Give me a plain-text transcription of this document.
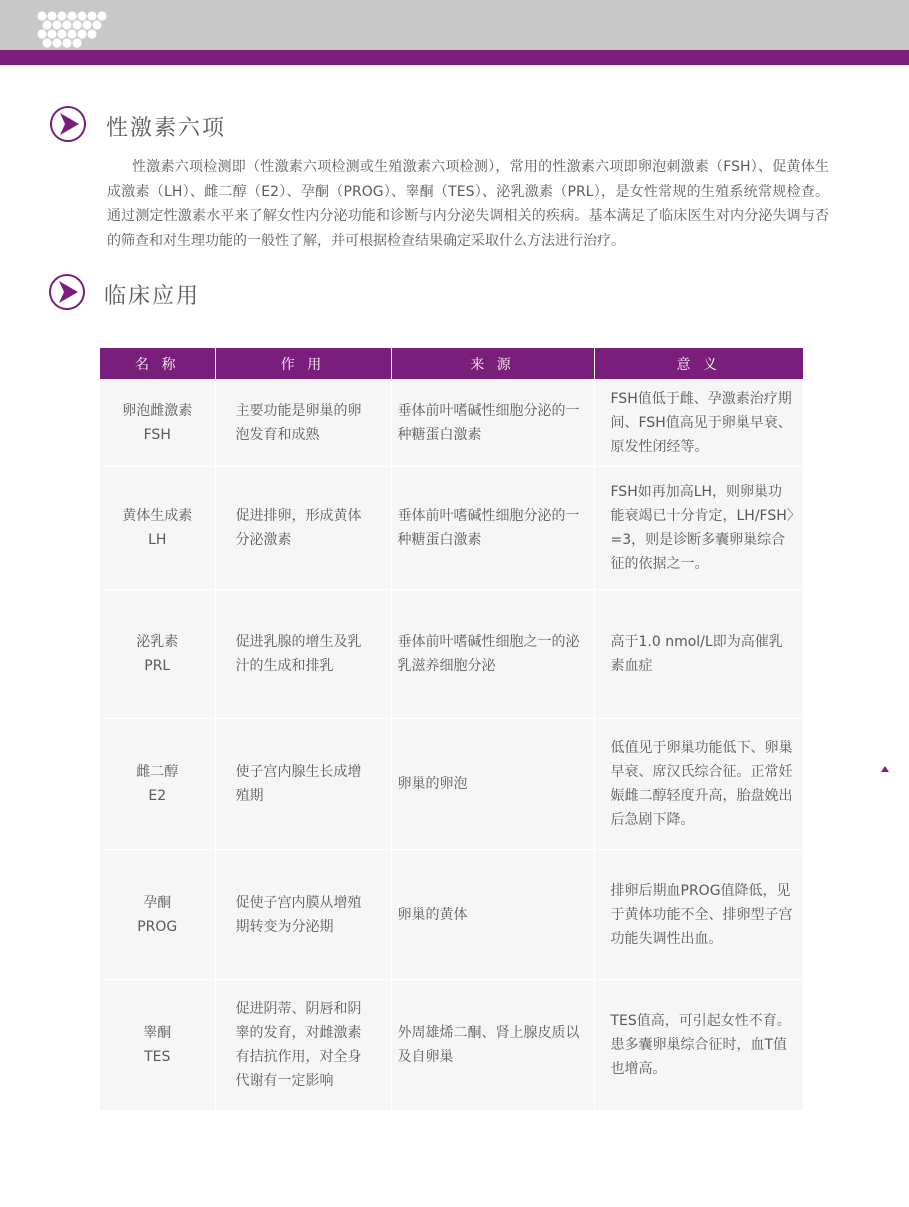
性激素六项

性激素六项检测即（性激素六项检测或生殖激素六项检测），常用的性激素六项即卵泡刺激素（FSH）、促黄体生成激素（LH）、雌二醇（E2）、孕酮（PROG）、睾酮（TES）、泌乳激素（PRL），是女性常规的生殖系统常规检查。通过测定性激素水平来了解女性内分泌功能和诊断与内分泌失调相关的疾病。基本满足了临床医生对内分泌失调与否的筛查和对生理功能的一般性了解，并可根据检查结果确定采取什么方法进行治疗。

临床应用
名 称	作 用	来 源	意 义

卵泡雌激素
FSH	主要功能是卵巢的卵泡发育和成熟	垂体前叶嗜碱性细胞分泌的一种糖蛋白激素	FSH值低于雌、孕激素治疗期间、FSH值高见于卵巢早衰、原发性闭经等。

黄体生成素
LH	促进排卵，形成黄体分泌激素	垂体前叶嗜碱性细胞分泌的一种糖蛋白激素	FSH如再加高LH，则卵巢功能衰竭已十分肯定，LH/FSH〉=3，则是诊断多囊卵巢综合征的依据之一。

泌乳素
PRL	促进乳腺的增生及乳汁的生成和排乳	垂体前叶嗜碱性细胞之一的泌乳滋养细胞分泌	高于1.0 nmol/L即为高催乳素血症

雌二醇
E2	使子宫内腺生长成增殖期	卵巢的卵泡	低值见于卵巢功能低下、卵巢早衰、席汉氏综合征。正常妊娠雌二醇轻度升高，胎盘娩出后急剧下降。

孕酮
PROG	促使子宫内膜从增殖期转变为分泌期	卵巢的黄体	排卵后期血PROG值降低，见于黄体功能不全、排卵型子宫功能失调性出血。

睾酮
TES	促进阴蒂、阴唇和阴睾的发育，对雌激素有拮抗作用，对全身代谢有一定影响	外周雄烯二酮、肾上腺皮质以及自卵巢	TES值高，可引起女性不育。患多囊卵巢综合征时，血T值也增高。
